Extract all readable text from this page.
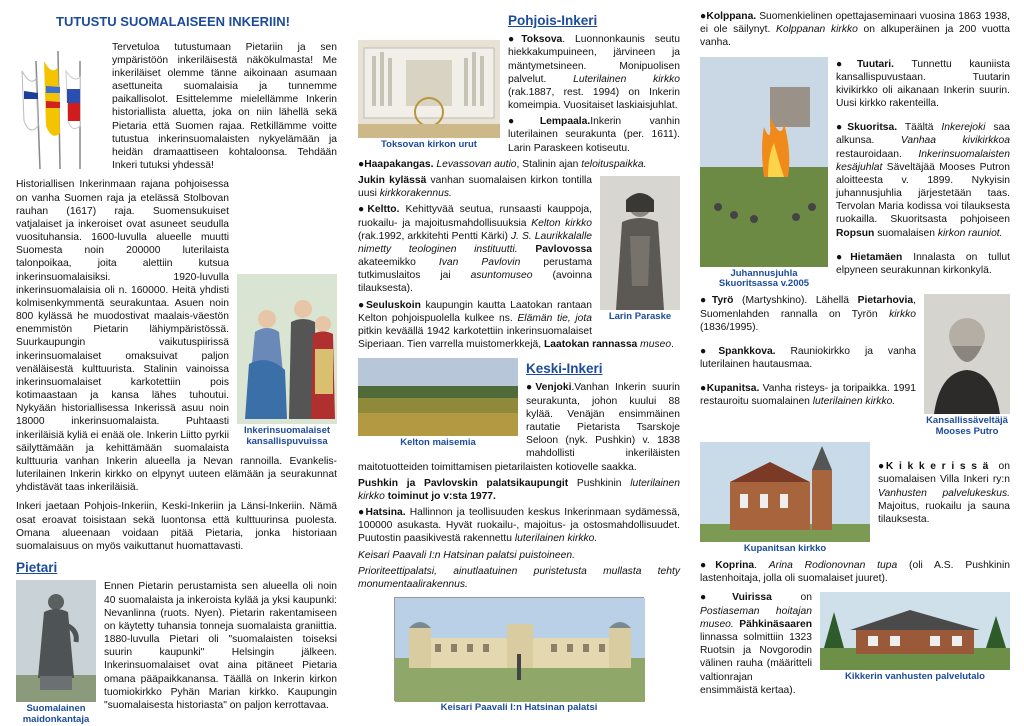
TUTUSTU SUOMALAISEEN INKERIIN!

Tervetuloa tutustumaan Pietariin ja sen ympäristöön inkeriläisestä näkökulmasta! Me inkeriläiset olemme tänne aikoinaan asumaan asettuneita suomalaisia ja tunnemme paikallisolot. Esittelemme mielellämme Inkerin historiallista aluetta, joka on niin lähellä sekä Pietaria että Suomen rajaa. Retkillämme voitte tutustua inkerinsuomalaisten nykyelämään ja heidän dramaattiseen kohtaloonsa. Tehdään Inkeri tutuksi yhdessä!

Inkerinsuomalaiset kansallispuvuissa

Historiallisen Inkerinmaan rajana pohjoisessa on vanha Suomen raja ja etelässä Stolbovan rauhan (1617) raja. Suomensukuiset vatjalaiset ja inkeroiset ovat asuneet seudulla vuosituhansia. 1600-luvulla alueelle muutti Suomesta noin 200000 luterilaista talonpoikaa, joita alettiin kutsua inkerinsuomalaisiksi. 1920-luvulla inkerinsuomalaisia oli n. 160000. Heitä yhdisti kolmisenkymmentä seurakuntaa. Asuen noin 800 kylässä he muodostivat maalais-väestön enemmistön Pietarin lähiympäristössä. Suurkaupungin vaikutuspiirissä inkerinsuomalaiset omaksuivat paljon venäläisestä kulttuurista. Stalinin vainoissa inkerinsuomalaiset karkotettiin pois kotimaastaan ja kansa lähes tuhoutui. Nykyään historiallisessa Inkerissä asuu noin 18000 inkerinsuomalaista. Puhtaasti inkeriläisiä kyliä ei enää ole. Inkerin Liitto pyrkii säilyttämään ja kehittämään suomalaista kulttuuria vanhan Inkerin alueella ja Nevan rannoilla. Evankelis-luterilainen Inkerin kirkko on elpynyt uuteen elämään ja seurakunnat yhdistävät taas inkeriläisiä.

Inkeri jaetaan Pohjois-Inkeriin, Keski-Inkeriin ja Länsi-Inkeriin. Nämä osat eroavat toisistaan sekä luontonsa että kulttuurinsa puolesta. Omana alueenaan voidaan pitää Pietaria, jonka historiaan suomalaisuus on myös vaikuttanut huomattavasti.

Pietari
Suomalainen maidonkantaja

Ennen Pietarin perustamista sen alueella oli noin 40 suomalaista ja inkeroista kylää ja yksi kaupunki: Nevanlinna (ruots. Nyen). Pietarin rakentamiseen on käytetty tuhansia tonneja suomalaista graniittia. 1880-luvulla Pietari oli "suomalaisten toiseksi suurin kaupunki" Helsingin jälkeen. Inkerinsuomalaiset ovat aina pitäneet Pietaria omana pääpaikkanansa. Täällä on Inkerin kirkon tuomiokirkko Pyhän Marian kirkko. Kaupungin "suomalaisesta historiasta" on paljon kerrottavaa.

Toksovan kirkon urut
Pohjois-Inkeri
●Toksova. Luonnonkaunis seutu hiekkakumpuineen, järvineen ja mäntymetsineen. Monipuolisen palvelut.	Luterilainen kirkko (rak.1887, rest. 1994) on Inkerin komeimpia. Vuositaiset laskiaisjuhlat.
●Lempaala.Inkerin vanhin luterilainen seurakunta (per. 1611). Larin Paraskeen kotiseutu.
●Haapakangas. Levassovan autio, Stalinin ajan teloituspaikka.
Larin Paraske
Jukin kylässä vanhan suomalaisen kirkon tontilla uusi kirkkorakennus.
●Keltto. Kehittyvää seutua, runsaasti kauppoja, ruokailu- ja majoitusmahdollisuuksia Kelton kirkko (rak.1992, arkkitehti Pentti Kärki) J. S. Laurikkalalle nimetty teologinen instituutti. Pavlovossa akateemikko Ivan Pavlovin perustama tutkimuslaitos jai asuntomuseo (avoinna tilauksesta).
●Seuluskoin kaupungin kautta Laatokan rantaan Kelton pohjoispuolella kulkee ns. Elämän tie, jota pitkin keväällä 1942 karkotettiin inkerinsuomalaiset Siperiaan. Tien varrella muistomerkkejä, Laatokan rannassa museo.
Kelton maisemia
Keski-Inkeri
●Venjoki.Vanhan Inkerin suurin seurakunta, johon kuului 88 kylää. Venäjän ensimmäinen rautatie Pietarista Tsarskoje Seloon (nyk. Pushkin) v. 1838 mahdollisti inkeriläisten maitotuotteiden toimittamisen pietarilaisten kotiovelle saakka.
Pushkin ja Pavlovskin palatsikaupungit Pushkinin luterilainen kirkko toiminut jo v:sta 1977.
●Hatsina. Hallinnon ja teollisuuden keskus Inkerinmaan sydämessä, 100000 asukasta. Hyvät ruokailu-, majoitus- ja ostosmahdollisuudet. Puutostin paasikivestä rakennettu luterilainen kirkko.
Keisari Paavali I:n Hatsinan palatsi puistoineen.
Prioriteettipalatsi, ainutlaatuinen puristetusta mullasta tehty monumentaalirakennus.
Keisari Paavali I:n Hatsinan palatsi
●Kolppana. Suomenkielinen opettajaseminaari vuosina 1863 1938, ei ole säilynyt. Kolppanan kirkko on alkuperäinen ja 200 vuotta vanha.
Juhannusjuhla Skuoritsassa v.2005
●Tuutari. Tunnettu kauniista kansallispuvustaan. Tuutarin kivikirkko oli aikanaan Inkerin suurin. Uusi kirkko rakenteilla.
●Skuoritsa. Täältä Inkerejoki saa alkunsa. Vanhaa kivikirkkoa restauroidaan. Inkerinsuomalaisten kesäjuhlat Säveltäjää Mooses Putron aloitteesta v. 1899. Nykyisin juhannusjuhlia järjestetään taas. Tervolan Maria kodissa voi tilauksesta ruokailla. Skuoritsasta pohjoiseen Ropsun suomalaisen kirkon rauniot.
●Hietamäen Innalasta on tullut elpyneen seurakunnan kirkonkylä.
Kansallissäveltäjä Mooses Putro
●Tyrö (Martyshkino). Lähellä Pietarhovia, Suomenlahden rannalla on Tyrön kirkko (1836/1995).
●Spankkova. Rauniokirkko ja vanha luterilainen hautausmaa.
●Kupanitsa. Vanha risteys- ja toripaikka. 1991 restauroitu suomalainen luterilainen kirkko.
Kupanitsan kirkko
●Kikkerissä on suomalaisen Villa Inkeri ry:n Vanhusten palvelukeskus. Majoitus, ruokailu ja sauna tilauksesta.
●Koprina. Arina Rodionovnan tupa (oli A.S. Pushkinin lastenhoitaja, jolla oli suomalaiset juuret).
Kikkerin vanhusten palvelutalo
●Vuirissa on Postiaseman hoitajan museo. Pähkinäsaaren linnassa solmittiin 1323 Ruotsin ja Novgorodin välinen rauha (määritteli valtionrajan ensimmäistä kertaa).
